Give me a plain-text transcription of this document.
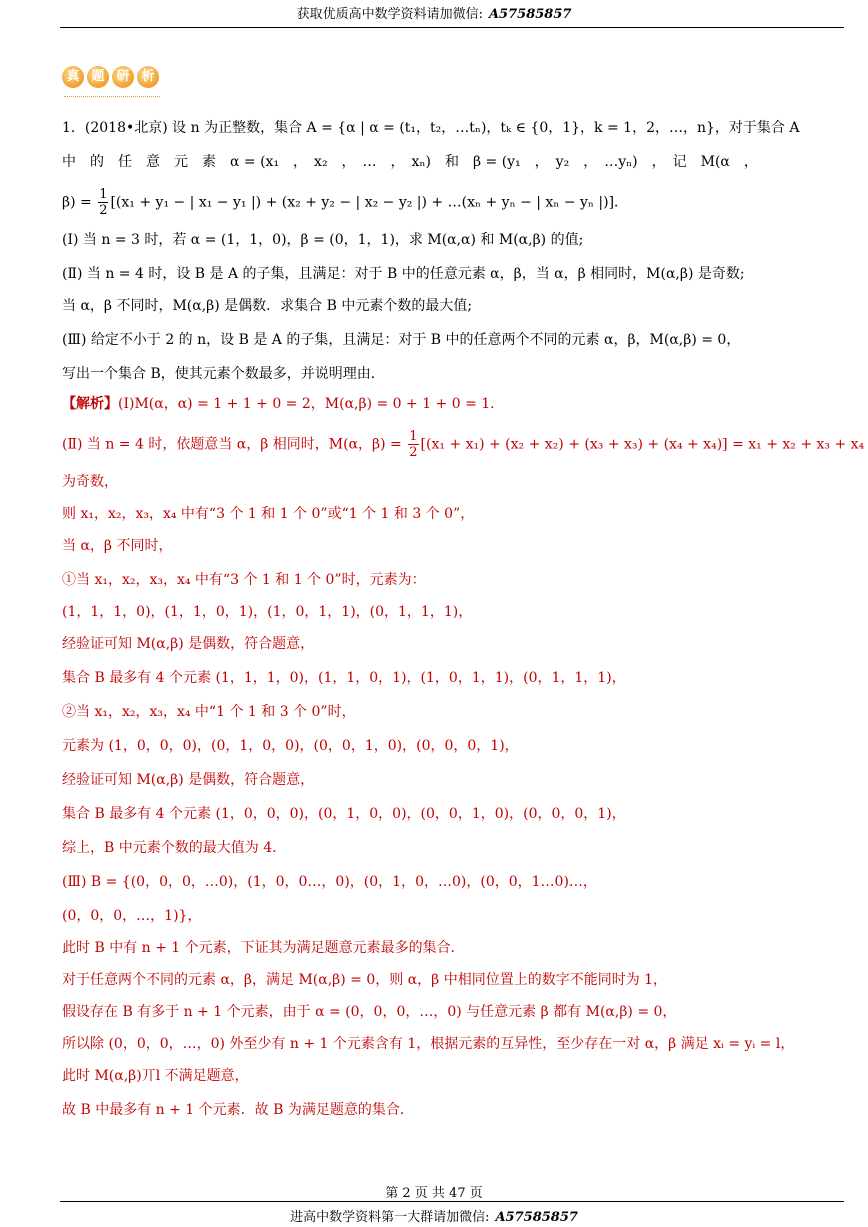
获取优质高中数学资料请加微信: A57585857
真 题 研 析
1．(2018•北京) 设 n 为正整数，集合 A = {α | α = (t₁，t₂，…tₙ)，tₖ ∈ {0，1}，k = 1，2，…，n}，对于集合 A
中　的　任　意　元　素　α = (x₁　，　x₂　，　…　，　xₙ)　和　β = (y₁　，　y₂　，　…yₙ)　，　记　M(α　，
$\beta) = \frac{1}{2} [(x_1 + y_1$ − | x₁ − y₁ |) + (x₂ + y₂ − | x₂ − y₂ |) + …(xₙ + yₙ − | xₙ − yₙ |)]．
(Ⅰ) 当 n = 3 时，若 α = (1，1，0)，β = (0，1，1)，求 M(α,α) 和 M(α,β) 的值;
(Ⅱ) 当 n = 4 时，设 B 是 A 的子集，且满足：对于 B 中的任意元素 α，β，当 α，β 相同时，M(α,β) 是奇数;
当 α，β 不同时，M(α,β) 是偶数．求集合 B 中元素个数的最大值;
(Ⅲ) 给定不小于 2 的 n，设 B 是 A 的子集，且满足：对于 B 中的任意两个不同的元素 α，β，M(α,β) = 0，
写出一个集合 B，使其元素个数最多，并说明理由．
【解析】(I)M(α，α) = 1 + 1 + 0 = 2，M(α,β) = 0 + 1 + 0 = 1．
(Ⅱ) 当 n = 4 时，依题意当 α，β 相同时，M(α，$\beta) = \frac{1}{2} [(x_1 + x_1) + (x_2 + x_2) + (x_3 + x_3) + (x_4 + x_4)] = x_1 + x_2 + x_3 + x_4$
为奇数，
则 x₁，x₂，x₃，x₄ 中有“3 个 1 和 1 个 0”或“1 个 1 和 3 个 0”，
当 α，β 不同时，
①当 x₁，x₂，x₃，x₄ 中有“3 个 1 和 1 个 0”时，元素为：
(1，1，1，0)，(1，1，0，1)，(1，0，1，1)，(0，1，1，1)，
经验证可知 M(α,β) 是偶数，符合题意，
集合 B 最多有 4 个元素 (1，1，1，0)，(1，1，0，1)，(1，0，1，1)，(0，1，1，1)，
②当 x₁，x₂，x₃，x₄ 中“1 个 1 和 3 个 0”时，
元素为 (1，0，0，0)，(0，1，0，0)，(0，0，1，0)，(0，0，0，1)，
经验证可知 M(α,β) 是偶数，符合题意，
集合 B 最多有 4 个元素 (1，0，0，0)，(0，1，0，0)，(0，0，1，0)，(0，0，0，1)，
综上，B 中元素个数的最大值为 4．
(Ⅲ) B = {(0，0，0，…0)，(1，0，0…，0)，(0，1，0，…0)，(0，0，1…0)…，
(0，0，0，…，1)}，
此时 B 中有 n + 1 个元素，下证其为满足题意元素最多的集合．
对于任意两个不同的元素 α，β，满足 M(α,β) = 0，则 α，β 中相同位置上的数字不能同时为 1，
假设存在 B 有多于 n + 1 个元素，由于 α = (0，0，0，…，0) 与任意元素 β 都有 M(α,β) = 0，
所以除 (0，0，0，…，0) 外至少有 n + 1 个元素含有 1，根据元素的互异性，至少存在一对 α，β 满足 xᵢ = yᵢ = l，
此时 M(α,β)丌l 不满足题意，
故 B 中最多有 n + 1 个元素．故 B 为满足题意的集合．
第 2 页 共 47 页
进高中数学资料第一大群请加微信: A57585857
